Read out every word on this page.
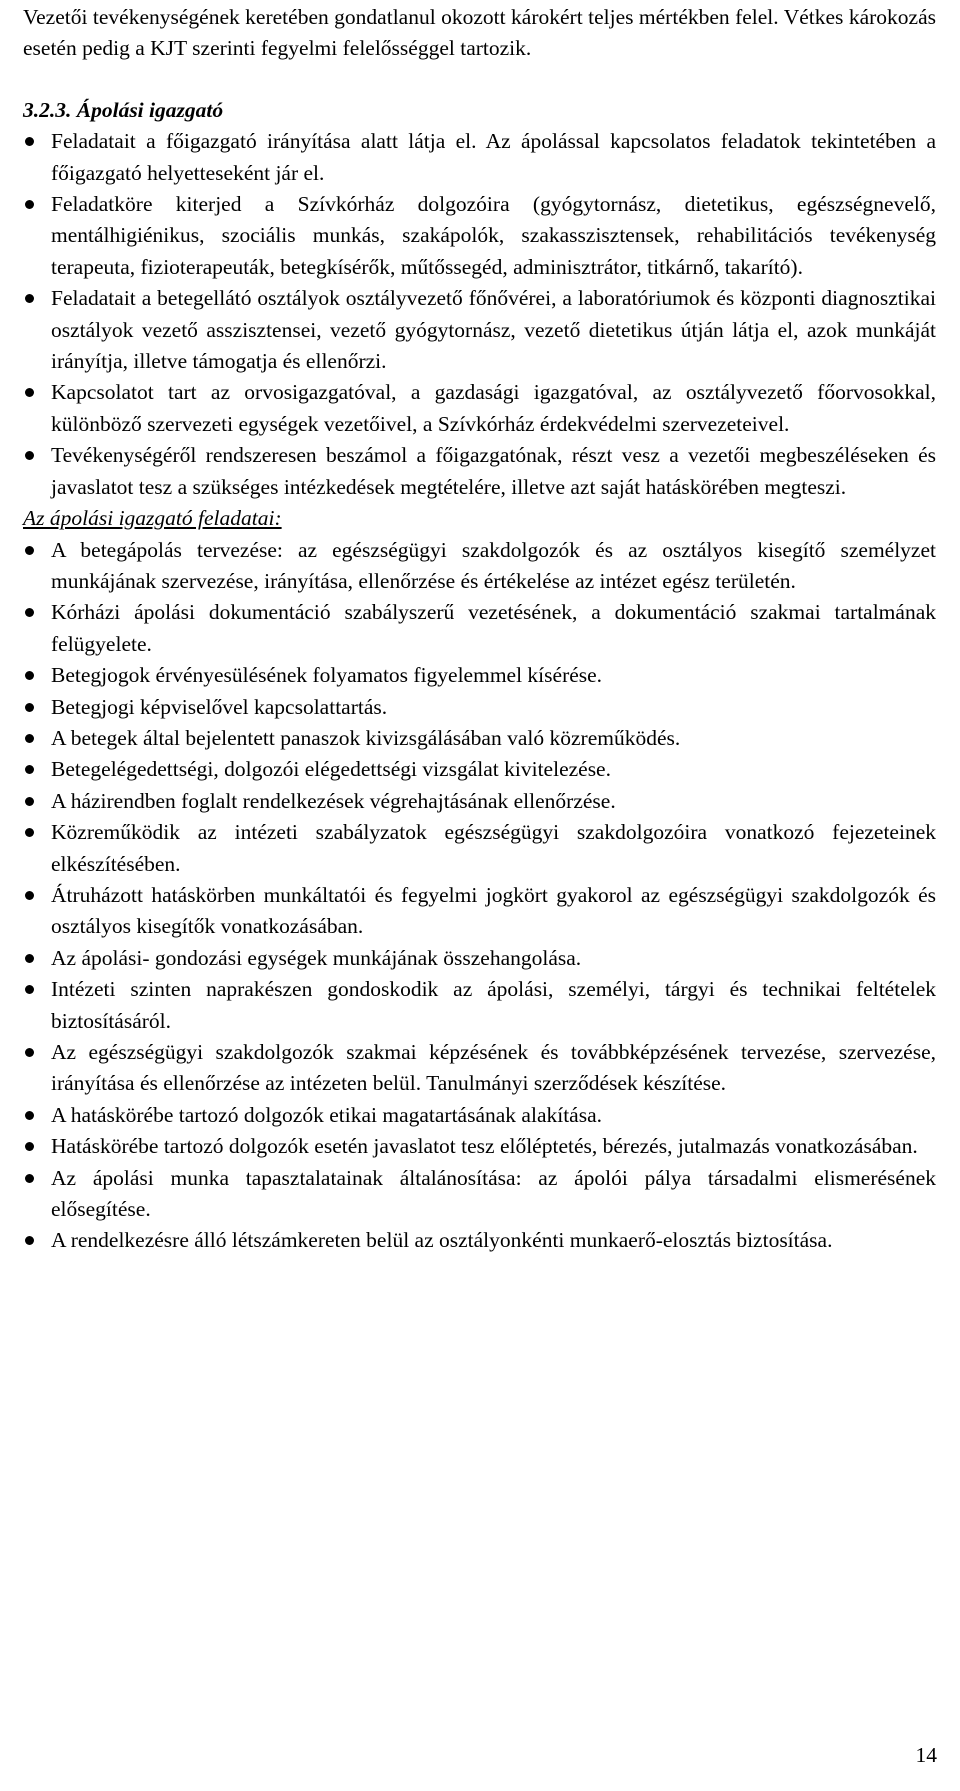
Vezetői tevékenységének keretében gondatlanul okozott károkért teljes mértékben felel. Vétkes károkozás esetén pedig a KJT szerinti fegyelmi felelősséggel tartozik.

3.2.3. Ápolási igazgató

Feladatait a főigazgató irányítása alatt látja el. Az ápolással kapcsolatos feladatok tekintetében a főigazgató helyetteseként jár el.
Feladatköre kiterjed a Szívkórház dolgozóira (gyógytornász, dietetikus, egészségnevelő, mentálhigiénikus, szociális munkás, szakápolók, szakasszisztensek, rehabilitációs tevékenység terapeuta, fizioterapeuták, betegkísérők, műtőssegéd, adminisztrátor, titkárnő, takarító).
Feladatait a betegellátó osztályok osztályvezető főnővérei, a laboratóriumok és központi diagnosztikai osztályok vezető asszisztensei, vezető gyógytornász, vezető dietetikus útján látja el, azok munkáját irányítja, illetve támogatja és ellenőrzi.
Kapcsolatot tart az orvosigazgatóval, a gazdasági igazgatóval, az osztályvezető főorvosokkal, különböző szervezeti egységek vezetőivel, a Szívkórház érdekvédelmi szervezeteivel.
Tevékenységéről rendszeresen beszámol a főigazgatónak, részt vesz a vezetői megbeszéléseken és javaslatot tesz a szükséges intézkedések megtételére, illetve azt saját hatáskörében megteszi.

Az ápolási igazgató feladatai:

A betegápolás tervezése: az egészségügyi szakdolgozók és az osztályos kisegítő személyzet munkájának szervezése, irányítása, ellenőrzése és értékelése az intézet egész területén.
Kórházi ápolási dokumentáció szabályszerű vezetésének, a dokumentáció szakmai tartalmának felügyelete.
Betegjogok érvényesülésének folyamatos figyelemmel kísérése.
Betegjogi képviselővel kapcsolattartás.
A betegek által bejelentett panaszok kivizsgálásában való közreműködés.
Betegelégedettségi, dolgozói elégedettségi vizsgálat kivitelezése.
A házirendben foglalt rendelkezések végrehajtásának ellenőrzése.
Közreműködik az intézeti szabályzatok egészségügyi szakdolgozóira vonatkozó fejezeteinek elkészítésében.
Átruházott hatáskörben munkáltatói és fegyelmi jogkört gyakorol az egészségügyi szakdolgozók és osztályos kisegítők vonatkozásában.
Az ápolási- gondozási egységek munkájának összehangolása.
Intézeti szinten naprakészen gondoskodik az ápolási, személyi, tárgyi és technikai feltételek biztosításáról.
Az egészségügyi szakdolgozók szakmai képzésének és továbbképzésének tervezése, szervezése, irányítása és ellenőrzése az intézeten belül. Tanulmányi szerződések készítése.
A hatáskörébe tartozó dolgozók etikai magatartásának alakítása.
Hatáskörébe tartozó dolgozók esetén javaslatot tesz előléptetés, bérezés, jutalmazás vonatkozásában.
Az ápolási munka tapasztalatainak általánosítása: az ápolói pálya társadalmi elismerésének elősegítése.
A rendelkezésre álló létszámkereten belül az osztályonkénti munkaerő-elosztás biztosítása.
14
